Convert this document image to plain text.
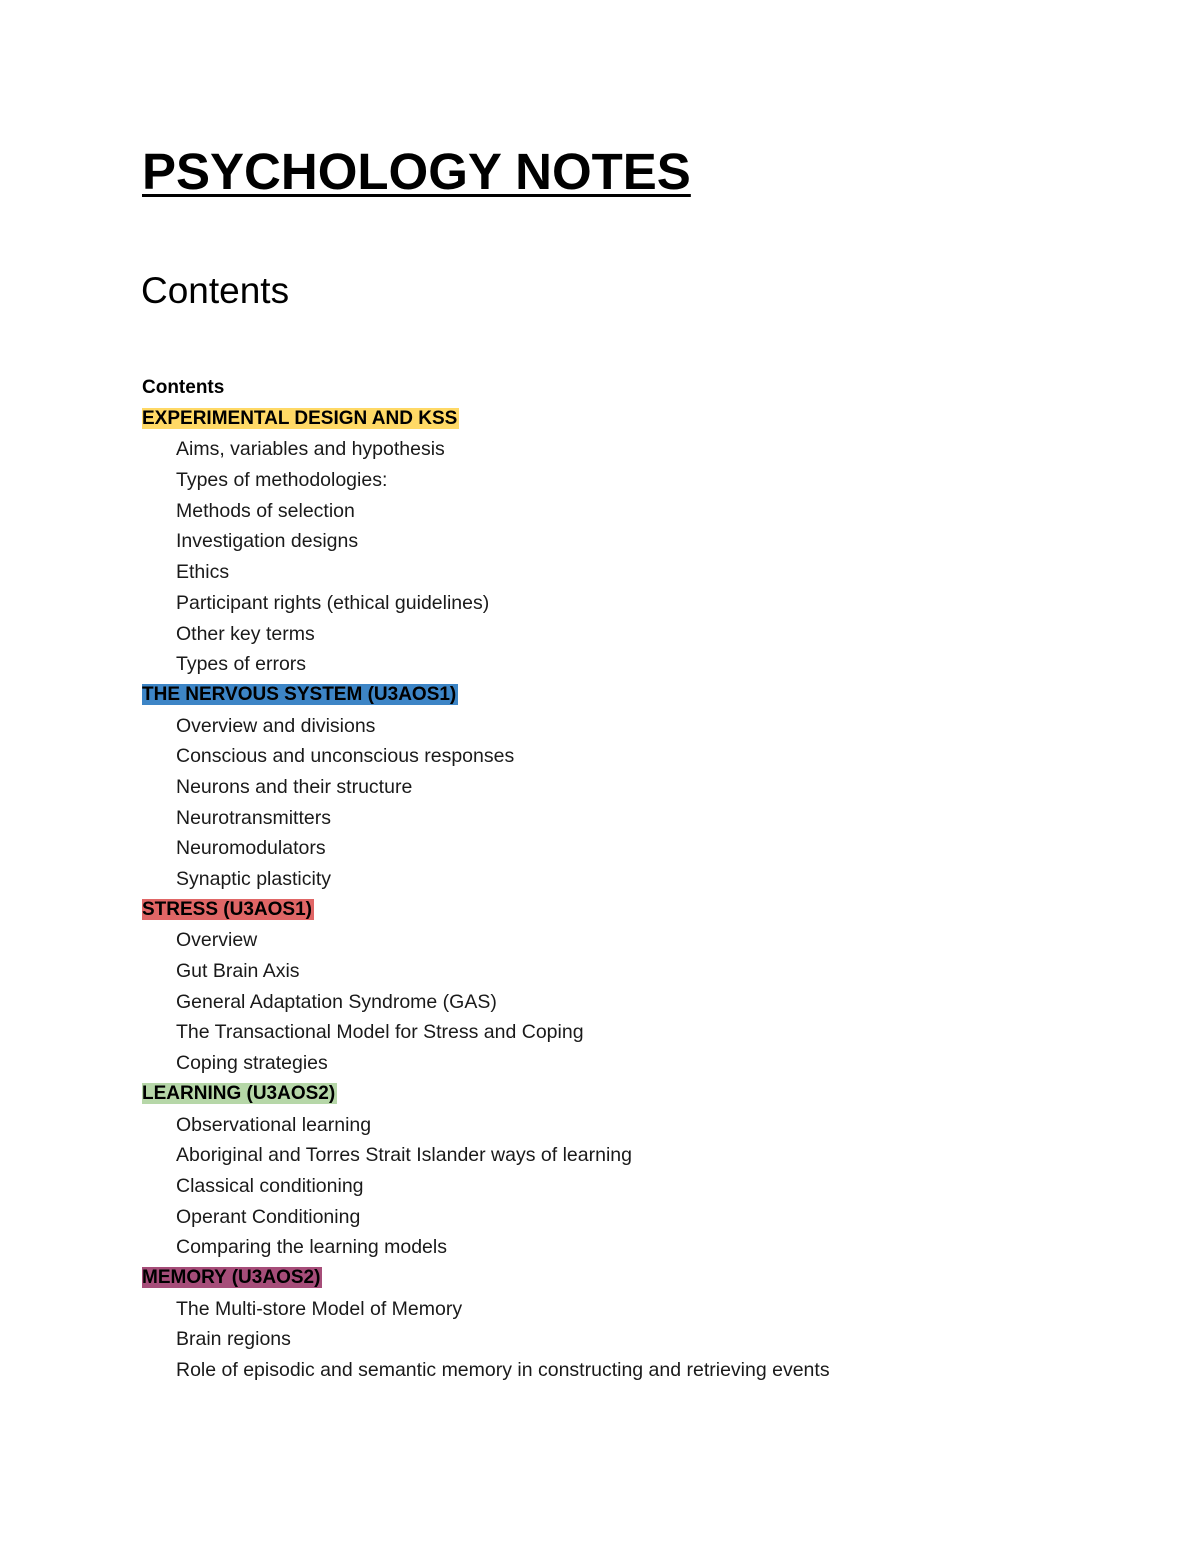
PSYCHOLOGY NOTES
Contents
Contents
EXPERIMENTAL DESIGN AND KSS
Aims, variables and hypothesis
Types of methodologies:
Methods of selection
Investigation designs
Ethics
Participant rights (ethical guidelines)
Other key terms
Types of errors
THE NERVOUS SYSTEM (U3AOS1)
Overview and divisions
Conscious and unconscious responses
Neurons and their structure
Neurotransmitters
Neuromodulators
Synaptic plasticity
STRESS (U3AOS1)
Overview
Gut Brain Axis
General Adaptation Syndrome (GAS)
The Transactional Model for Stress and Coping
Coping strategies
LEARNING (U3AOS2)
Observational learning
Aboriginal and Torres Strait Islander ways of learning
Classical conditioning
Operant Conditioning
Comparing the learning models
MEMORY (U3AOS2)
The Multi-store Model of Memory
Brain regions
Role of episodic and semantic memory in constructing and retrieving events
